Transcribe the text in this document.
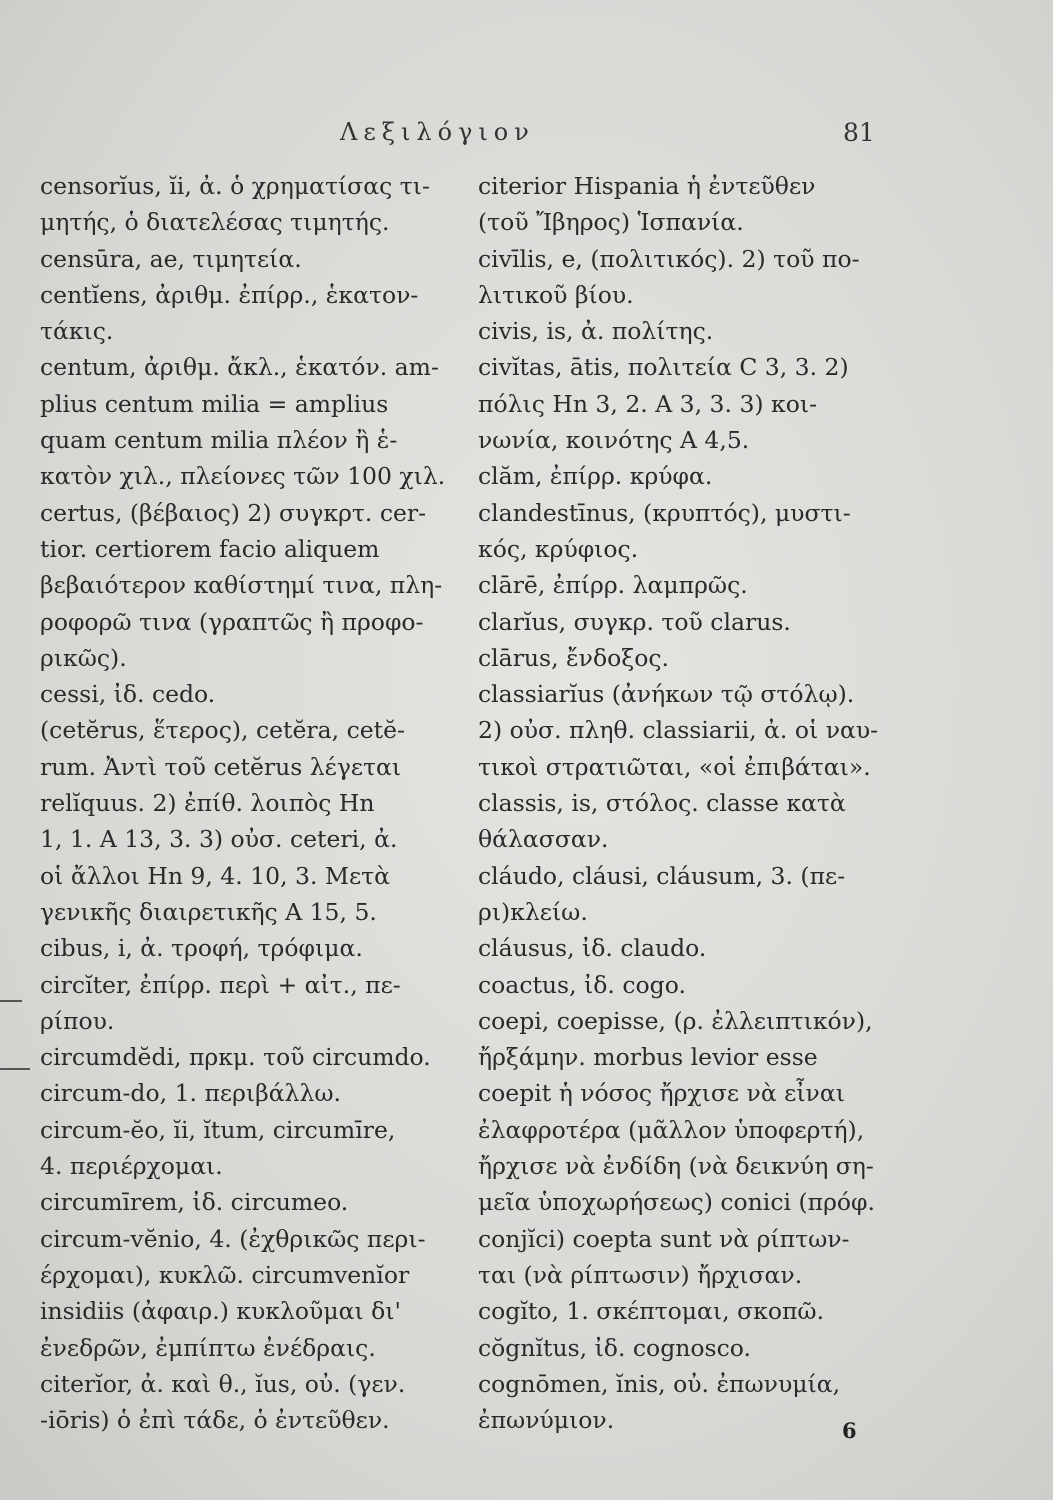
Λεξιλόγιον	81
censorĭus, ĭi, ἀ. ὁ χρηματίσας τι-
μητής, ὁ διατελέσας τιμητής.
censūra, ae, τιμητεία.
centĭens, ἀριθμ. ἐπίρρ., ἑκατον-
τάκις.
centum, ἀριθμ. ἄκλ., ἑκατόν. am-
plius centum milia = amplius
quam centum milia πλέον ἢ ἑ-
κατὸν χιλ., πλείονες τῶν 100 χιλ.
certus, (βέβαιος) 2) συγκρτ. cer-
tior. certiorem facio aliquem
βεβαιότερον καθίστημί τινα, πλη-
ροφορῶ τινα (γραπτῶς ἢ προφο-
ρικῶς).
cessi, ἰδ. cedo.
(cetĕrus, ἕτερος), cetĕra, cetĕ-
rum. Ἀντὶ τοῦ cetĕrus λέγεται
relĭquus. 2) ἐπίθ. λοιπὸς Hn
1, 1. A 13, 3. 3) οὐσ. ceteri, ἀ.
οἱ ἄλλοι Hn 9, 4. 10, 3. Μετὰ
γενικῆς διαιρετικῆς A 15, 5.
cibus, i, ἀ. τροφή, τρόφιμα.
circĭter, ἐπίρρ. περὶ + αἰτ., πε-
ρίπου.
circumdĕdi, πρκμ. τοῦ circumdo.
circum-do, 1. περιβάλλω.
circum-ĕo, ĭi, ĭtum, circumīre,
4. περιέρχομαι.
circumīrem, ἰδ. circumeo.
circum-vĕnio, 4. (ἐχθρικῶς περι-
έρχομαι), κυκλῶ. circumvenĭor
insidiis (ἀφαιρ.) κυκλοῦμαι δι'
ἐνεδρῶν, ἐμπίπτω ἐνέδραις.
citerĭor, ἀ. καὶ θ., ĭus, οὐ. (γεν.
-iōris) ὁ ἐπὶ τάδε, ὁ ἐντεῦθεν.
citerior Hispania ἡ ἐντεῦθεν
(τοῦ Ἴβηρος) Ἱσπανία.
civīlis, e, (πολιτικός). 2) τοῦ πο-
λιτικοῦ βίου.
civis, is, ἀ. πολίτης.
civĭtas, ātis, πολιτεία C 3, 3. 2)
πόλις Hn 3, 2. A 3, 3. 3) κοι-
νωνία, κοινότης A 4,5.
clăm, ἐπίρρ. κρύφα.
clandestīnus, (κρυπτός), μυστι-
κός, κρύφιος.
clārē, ἐπίρρ. λαμπρῶς.
clarĭus, συγκρ. τοῦ clarus.
clārus, ἔνδοξος.
classiarĭus (ἀνήκων τῷ στόλῳ).
2) οὐσ. πληθ. classiarii, ἀ. οἱ ναυ-
τικοὶ στρατιῶται, «οἱ ἐπιβάται».
classis, is, στόλος. classe κατὰ
θάλασσαν.
cláudo, cláusi, cláusum, 3. (πε-
ρι)κλείω.
cláusus, ἰδ. claudo.
coactus, ἰδ. cogo.
coepi, coepisse, (ρ. ἐλλειπτικόν),
ἤρξάμην. morbus levior esse
coepit ἡ νόσος ἤρχισε νὰ εἶναι
ἐλαφροτέρα (μᾶλλον ὑποφερτή),
ἤρχισε νὰ ἐνδίδη (νὰ δεικνύη ση-
μεῖα ὑποχωρήσεως) conici (πρόφ.
conjĭci) coepta sunt νὰ ρίπτων-
ται (νὰ ρίπτωσιν) ἤρχισαν.
cogĭto, 1. σκέπτομαι, σκοπῶ.
cŏgnĭtus, ἰδ. cognosco.
cognōmen, ĭnis, οὐ. ἐπωνυμία,
ἐπωνύμιον.	6
